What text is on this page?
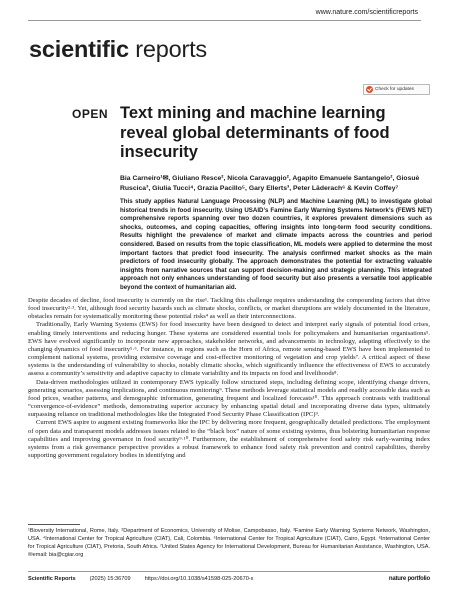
www.nature.com/scientificreports
scientific reports
Check for updates
OPEN Text mining and machine learning reveal global determinants of food insecurity
Bia Carneiro¹✉, Giuliano Resce², Nicola Caravaggio², Agapito Emanuele Santangelo², Giosuè Ruscica³, Giulia Tucci⁴, Grazia Pacillo⁵, Gary Ellerts³, Peter Läderach⁶ & Kevin Coffey⁷
This study applies Natural Language Processing (NLP) and Machine Learning (ML) to investigate global historical trends in food insecurity. Using USAID’s Famine Early Warning Systems Network’s (FEWS NET) comprehensive reports spanning over two dozen countries, it explores prevalent dimensions such as shocks, outcomes, and coping capacities, offering insights into long-term food security conditions. Results highlight the prevalence of market and climate impacts across the countries and period considered. Based on results from the topic classification, ML models were applied to determine the most important factors that predict food insecurity. The analysis confirmed market shocks as the main predictors of food insecurity globally. The approach demonstrates the potential for extracting valuable insights from narrative sources that can support decision-making and strategic planning. This integrated approach not only enhances understanding of food security but also presents a versatile tool applicable beyond the context of humanitarian aid.

Despite decades of decline, food insecurity is currently on the rise¹. Tackling this challenge requires understanding the compounding factors that drive food insecurity²·³. Yet, although food security hazards such as climate shocks, conflicts, or market disruptions are widely documented in the literature, obstacles remain for systematically monitoring these potential risks⁴ as well as their interconnections.

Traditionally, Early Warning Systems (EWS) for food insecurity have been designed to detect and interpret early signals of potential food crises, enabling timely interventions and reducing hunger. These systems are considered essential tools for policymakers and humanitarian organisations⁵. EWS have evolved significantly to incorporate new approaches, stakeholder networks, and advancements in technology, adapting effectively to the changing dynamics of food insecurity⁵·⁶. For instance, in regions such as the Horn of Africa, remote sensing-based EWS have been implemented to complement national systems, providing extensive coverage and cost-effective monitoring of vegetation and crop yields⁷. A critical aspect of these systems is the understanding of vulnerability to shocks, notably climatic shocks, which significantly influence the effectiveness of EWS to accurately assess a community’s sensitivity and adaptive capacity to climate variability and its impacts on food and livelihoods⁸.

Data-driven methodologies utilized in contemporary EWS typically follow structured steps, including defining scope, identifying change drivers, generating scenarios, assessing implications, and continuous monitoring⁹. These methods leverage statistical models and readily accessible data such as food prices, weather patterns, and demographic information, generating frequent and localized forecasts¹⁰. This approach contrasts with traditional “convergence-of-evidence” methods, demonstrating superior accuracy by enhancing spatial detail and incorporating diverse data types, ultimately surpassing reliance on traditional methodologies like the Integrated Food Security Phase Classification (IPC)⁹.

Current EWS aspire to augment existing frameworks like the IPC by delivering more frequent, geographically detailed predictions. The employment of open data and transparent models addresses issues related to the “black box” nature of some existing systems, thus bolstering humanitarian response capabilities and improving governance in food security⁹·¹⁰. Furthermore, the establishment of comprehensive food safety risk early-warning index systems from a risk governance perspective provides a robust framework to enhance food safety risk prevention and control capabilities, thereby supporting government regulatory bodies in identifying and

¹Bioversity International, Rome, Italy. ²Department of Economics, University of Molise, Campobasso, Italy. ³Famine Early Warning Systems Network, Washington, USA. ⁴International Center for Tropical Agriculture (CIAT), Cali, Colombia. ⁵International Center for Tropical Agriculture (CIAT), Cairo, Egypt. ⁶International Center for Tropical Agriculture (CIAT), Pretoria, South Africa. ⁷United States Agency for International Development, Bureau for Humanitarian Assistance, Washington, USA. ✉email: bia@cgiar.org
Scientific Reports	(2025) 15:36709	https://doi.org/10.1038/s41598-025-20670-x	nature portfolio
